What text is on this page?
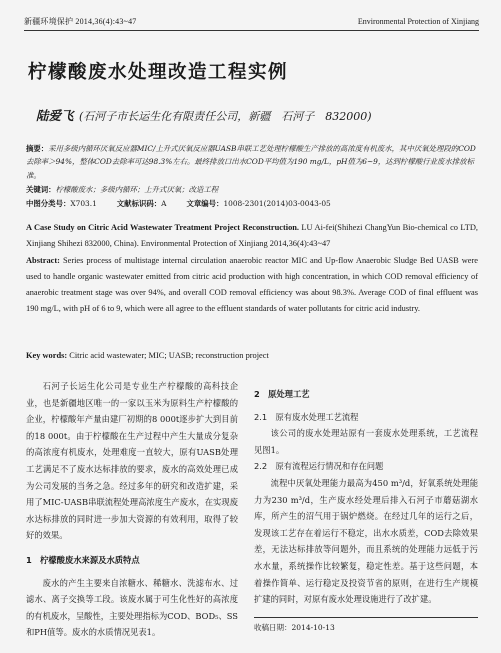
新疆环境保护 2014,36(4):43~47	Environmental Protection of Xinjiang
柠檬酸废水处理改造工程实例
陆爱飞 (石河子市长运生化有限责任公司，新疆　石河子　832000)
摘要：采用多级内循环厌氧反应器MIC/上升式厌氧反应器UASB串联工艺处理柠檬酸生产排放的高浓度有机废水，其中厌氧处理段的COD去除率＞94%，整体COD去除率可达98.3%左右。最终排放口出水COD平均值为190 mg/L，pH值为6~9，达到柠檬酸行业废水排放标准。
关键词：柠檬酸废水；多级内循环；上升式厌氧；改造工程
中图分类号：X703.1	文献标识码：A	文章编号：1008-2301(2014)03-0043-05
A Case Study on Citric Acid Wastewater Treatment Project Reconstruction. LU Ai-fei(Shihezi ChangYun Bio-chemical co LTD, Xinjiang Shihezi 832000, China). Environmental Protection of Xinjiang 2014,36(4):43~47
Abstract: Series process of multistage internal circulation anaerobic reactor MIC and Up-flow Anaerobic Sludge Bed UASB were used to handle organic wastewater emitted from citric acid production with high concentration, in which COD removal efficiency of anaerobic treatment stage was over 94%, and overall COD removal efficiency was about 98.3%. Average COD of final effluent was 190 mg/L, with pH of 6 to 9, which were all agree to the effluent standards of water pollutants for citric acid industry.
Key words: Citric acid wastewater; MIC; UASB; reconstruction project

石河子长运生化公司是专业生产柠檬酸的高科技企业，也是新疆地区唯一的一家以玉米为原料生产柠檬酸的企业，柠檬酸年产量由建厂初期的8 000t逐步扩大到目前的18 000t。由于柠檬酸在生产过程中产生大量成分复杂的高浓度有机废水，处理难度一直较大，原有UASB处理工艺满足不了废水达标排放的要求，废水的高效处理已成为公司发展的当务之急。经过多年的研究和改造扩建，采用了MIC-UASB串联流程处理高浓度生产废水，在实现废水达标排放的同时进一步加大资源的有效利用，取得了较好的效果。

1　柠檬酸废水来源及水质特点

废水的产生主要来自浓糖水、稀糖水、洗滤布水、过滤水、离子交换等工段。该废水属于可生化性好的高浓度的有机废水，呈酸性，主要处理指标为COD、BOD₅、SS和PH值等。废水的水质情况见表1。

2　原处理工艺
2.1　原有废水处理工艺流程

该公司的废水处理站原有一套废水处理系统，工艺流程见图1。

2.2　原有流程运行情况和存在问题

流程中厌氧处理能力最高为450 m³/d，好氧系统处理能力为230 m³/d，生产废水经处理后排入石河子市蘑菇湖水库，所产生的沼气用于锅炉燃烧。在经过几年的运行之后，发现该工艺存在着运行不稳定，出水水质差，COD去除效果差，无法达标排放等问题外，而且系统的处理能力远低于污水水量，系统操作比较繁复，稳定性差。基于这些问题，本着操作简单、运行稳定及投资节省的原则，在进行生产规模扩建的同时，对原有废水处理设施进行了改扩建。

收稿日期：2014-10-13
